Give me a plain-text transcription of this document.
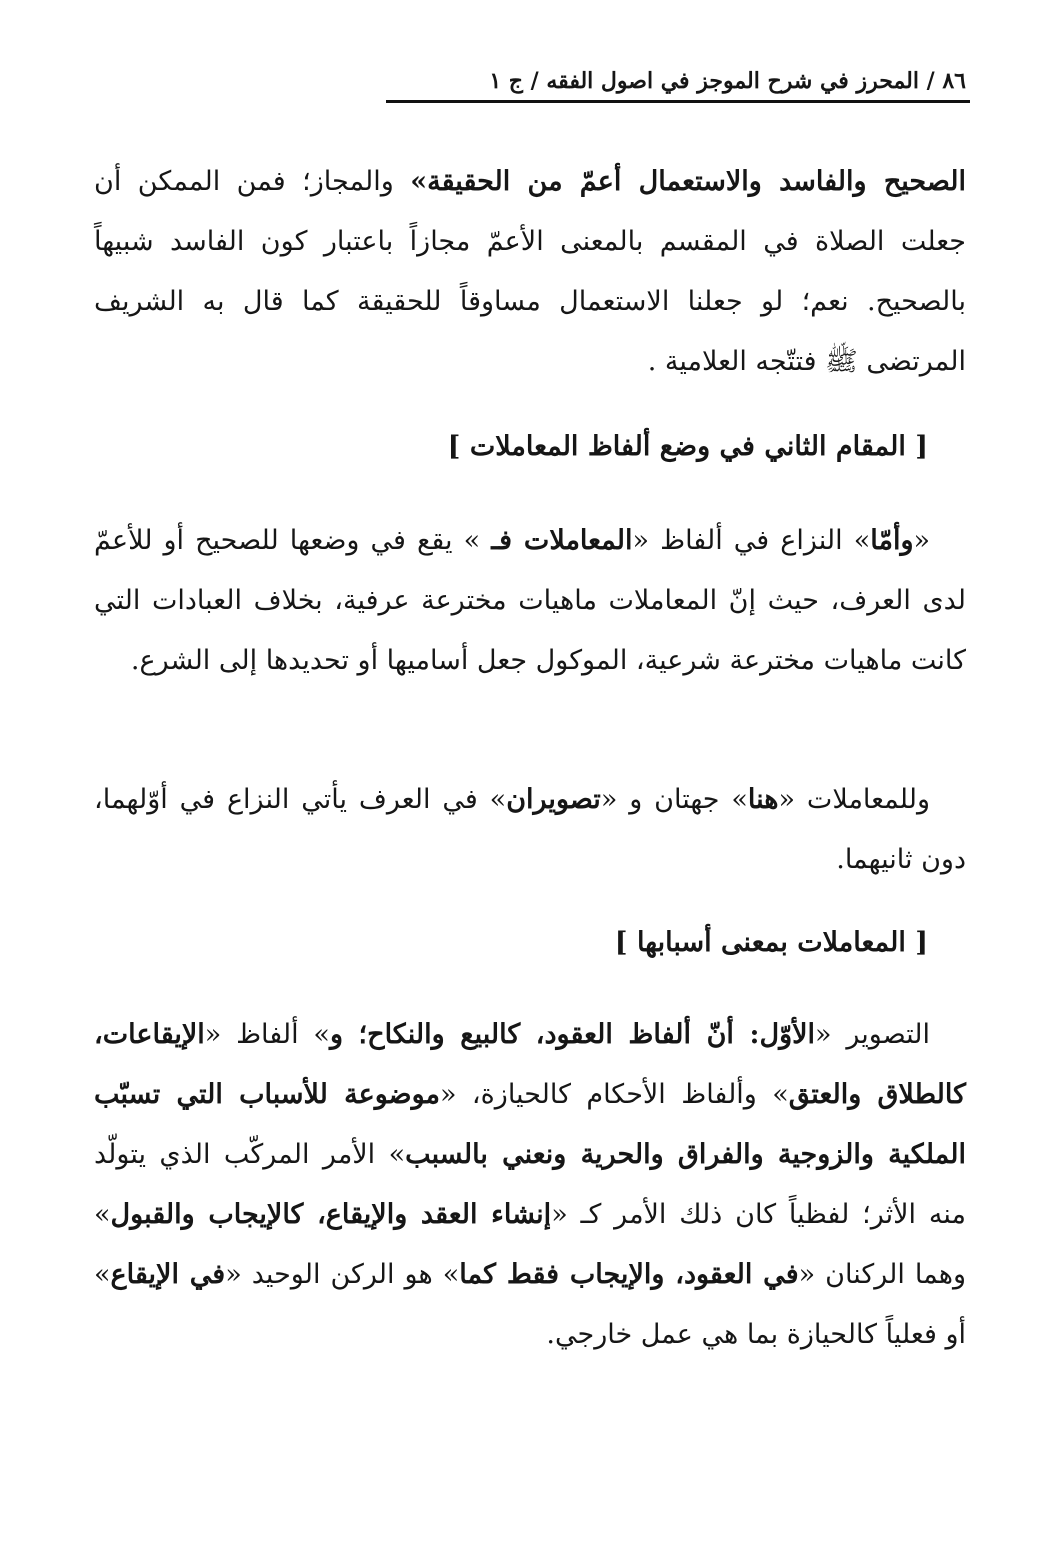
٨٦ / المحرز في شرح الموجز في اصول الفقه / ج ١

الصحيح والفاسد والاستعمال أعمّ من الحقيقة» والمجاز؛ فمن الممكن أن جعلت الصلاة في المقسم بالمعنى الأعمّ مجازاً باعتبار كون الفاسد شبيهاً بالصحيح. نعم؛ لو جعلنا الاستعمال مساوقاً للحقيقة كما قال به الشريف المرتضى ﷺ فتتّجه العلامية .

[ المقام الثاني في وضع ألفاظ المعاملات ]

«وأمّا» النزاع في ألفاظ «المعاملات فـ » يقع في وضعها للصحيح أو للأعمّ لدى العرف، حيث إنّ المعاملات ماهيات مخترعة عرفية، بخلاف العبادات التي كانت ماهيات مخترعة شرعية، الموكول جعل أساميها أو تحديدها إلى الشرع.

وللمعاملات «هنا» جهتان و «تصويران» في العرف يأتي النزاع في أوّلهما، دون ثانيهما.

[ المعاملات بمعنى أسبابها ]

التصوير «الأوّل: أنّ ألفاظ العقود، كالبيع والنكاح؛ و» ألفاظ «الإيقاعات، كالطلاق والعتق» وألفاظ الأحكام كالحيازة، «موضوعة للأسباب التي تسبّب الملكية والزوجية والفراق والحرية ونعني بالسبب» الأمر المركّب الذي يتولّد منه الأثر؛ لفظياً كان ذلك الأمر كـ «إنشاء العقد والإيقاع، كالإيجاب والقبول» وهما الركنان «في العقود، والإيجاب فقط كما» هو الركن الوحيد «في الإيقاع» أو فعلياً كالحيازة بما هي عمل خارجي.
